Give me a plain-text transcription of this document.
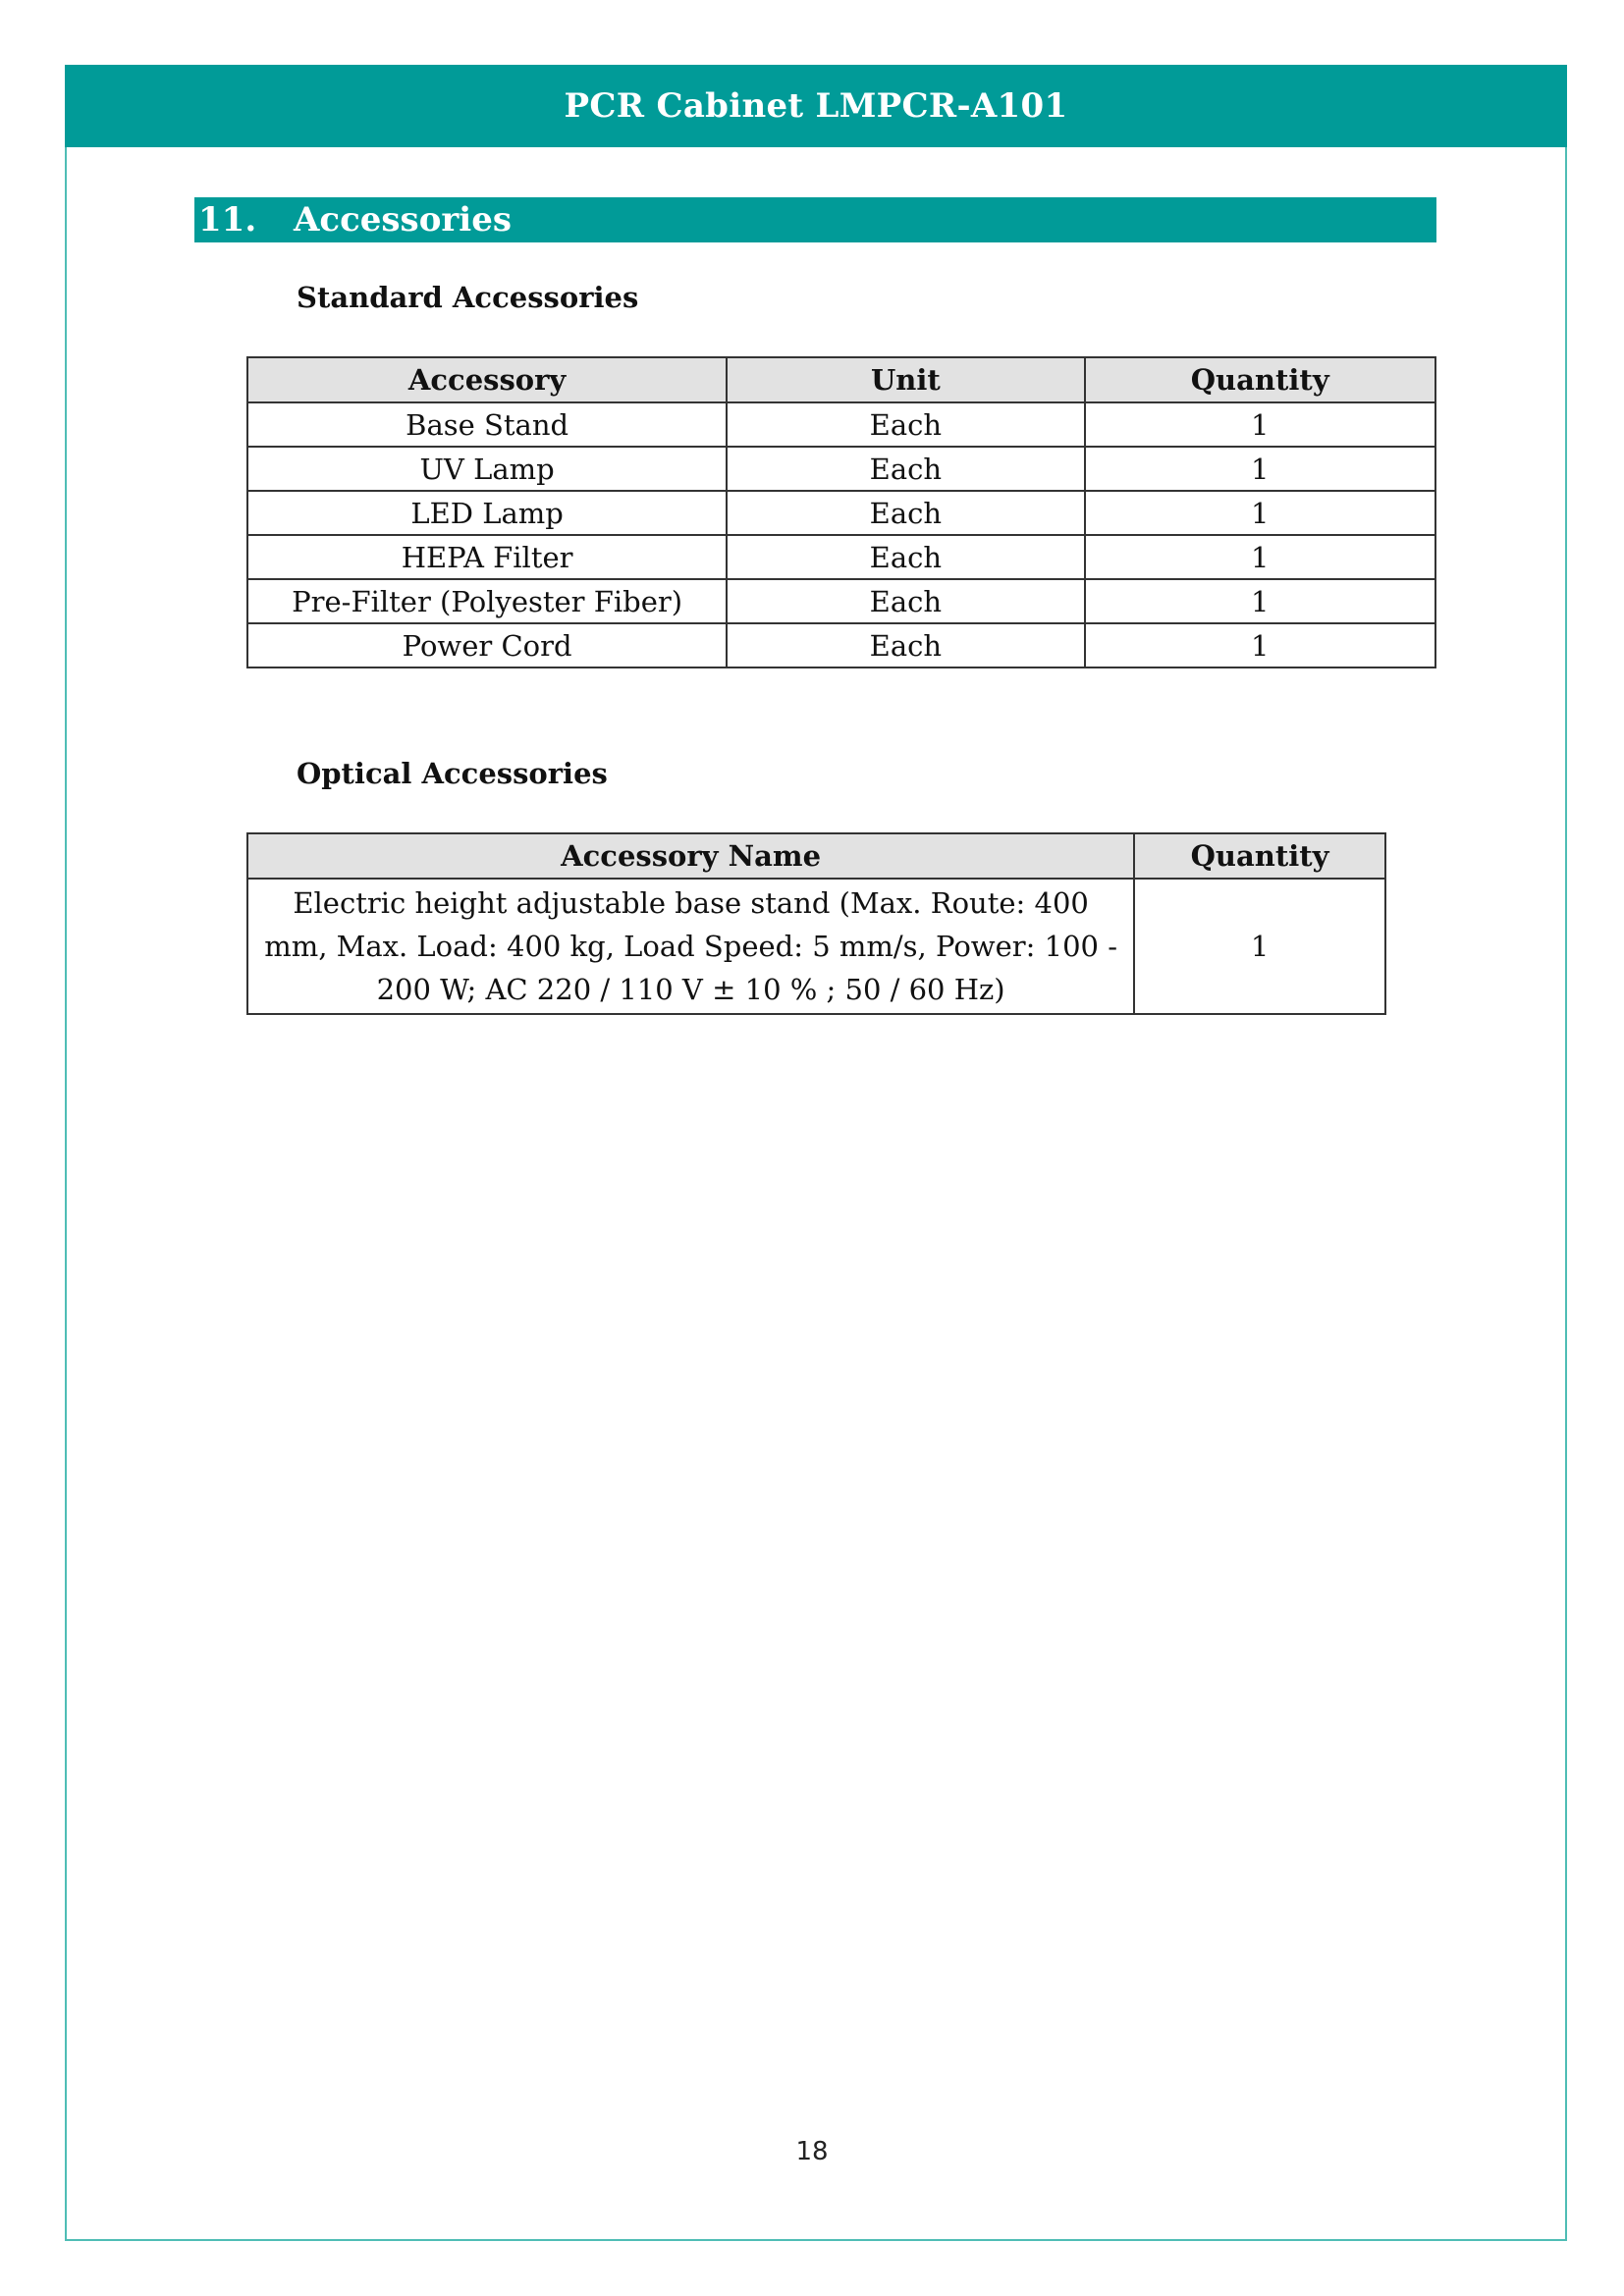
PCR Cabinet LMPCR-A101
11.	Accessories
Standard Accessories
Accessory	Unit	Quantity
Base Stand	Each	1
UV Lamp	Each	1
LED Lamp	Each	1
HEPA Filter	Each	1
Pre-Filter (Polyester Fiber)	Each	1
Power Cord	Each	1
Optical Accessories
Accessory Name	Quantity
Electric height adjustable base stand (Max. Route: 400 mm, Max. Load: 400 kg, Load Speed: 5 mm/s, Power: 100 - 200 W; AC 220 / 110 V ± 10 % ; 50 / 60 Hz)	1
18
